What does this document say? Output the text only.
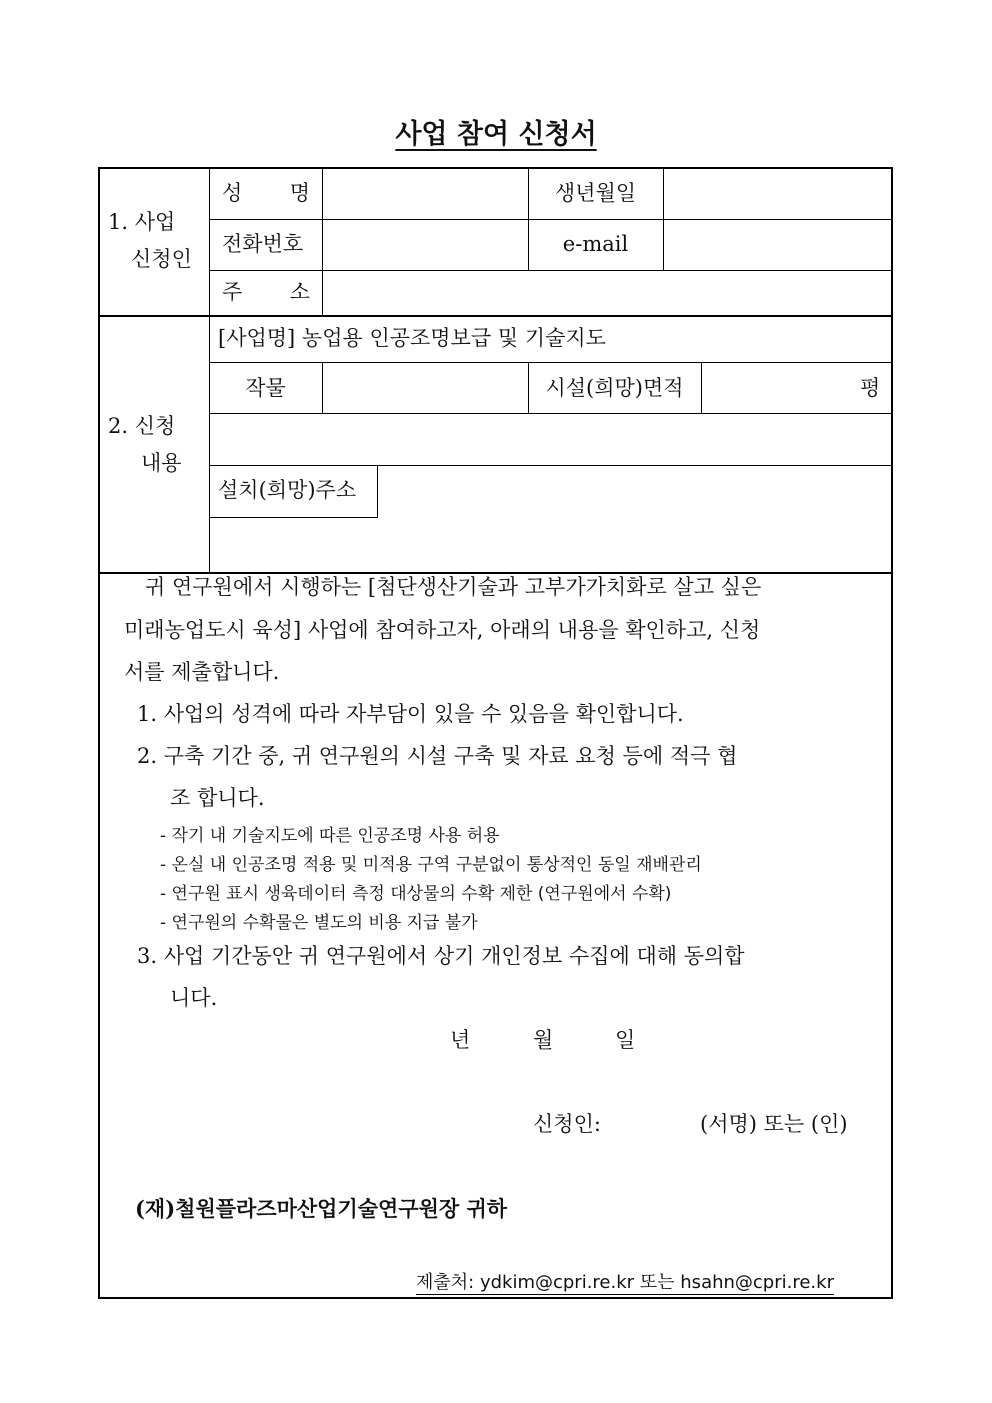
사업 참여 신청서
1. 사업
신청인
성 명	생년월일
전화번호	e-mail
주 소
2. 신청
내용
[사업명] 농업용 인공조명보급 및 기술지도
작물	시설(희망)면적	평
설치(희망)주소
귀 연구원에서 시행하는 [첨단생산기술과 고부가가치화로 살고 싶은
미래농업도시 육성] 사업에 참여하고자, 아래의 내용을 확인하고, 신청
서를 제출합니다.
1. 사업의 성격에 따라 자부담이 있을 수 있음을 확인합니다.
2. 구축 기간 중, 귀 연구원의 시설 구축 및 자료 요청 등에 적극 협
조 합니다.
- 작기 내 기술지도에 따른 인공조명 사용 허용
- 온실 내 인공조명 적용 및 미적용 구역 구분없이 통상적인 동일 재배관리
- 연구원 표시 생육데이터 측정 대상물의 수확 제한 (연구원에서 수확)
- 연구원의 수확물은 별도의 비용 지급 불가
3. 사업 기간동안 귀 연구원에서 상기 개인정보 수집에 대해 동의합
니다.
년	월	일
신청인:	(서명) 또는 (인)
(재)철원플라즈마산업기술연구원장 귀하
제출처: ydkim@cpri.re.kr 또는 hsahn@cpri.re.kr
